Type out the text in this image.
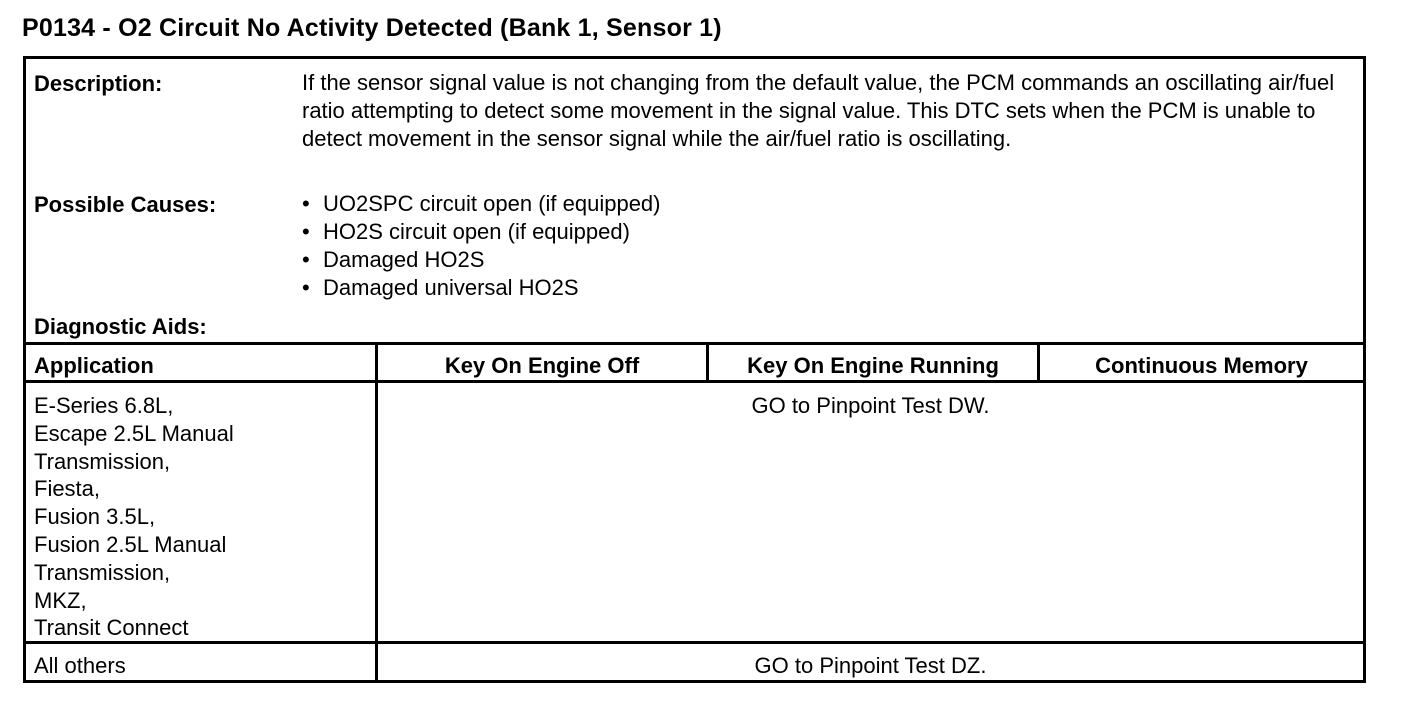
P0134 - O2 Circuit No Activity Detected (Bank 1, Sensor 1)
Description:	If the sensor signal value is not changing from the default value, the PCM commands an oscillating air/fuel ratio attempting to detect some movement in the signal value. This DTC sets when the PCM is unable to detect movement in the sensor signal while the air/fuel ratio is oscillating.
Possible Causes:
•	UO2SPC circuit open (if equipped)
• HO2S circuit open (if equipped)
• Damaged HO2S
• Damaged universal HO2S
Diagnostic Aids:
Application	Key On Engine Off	Key On Engine Running	Continuous Memory
E-Series 6.8L,
Escape 2.5L Manual
Transmission,
Fiesta,
Fusion 3.5L,
Fusion 2.5L Manual
Transmission,
MKZ,
Transit Connect
GO to Pinpoint Test DW.
All others	GO to Pinpoint Test DZ.
